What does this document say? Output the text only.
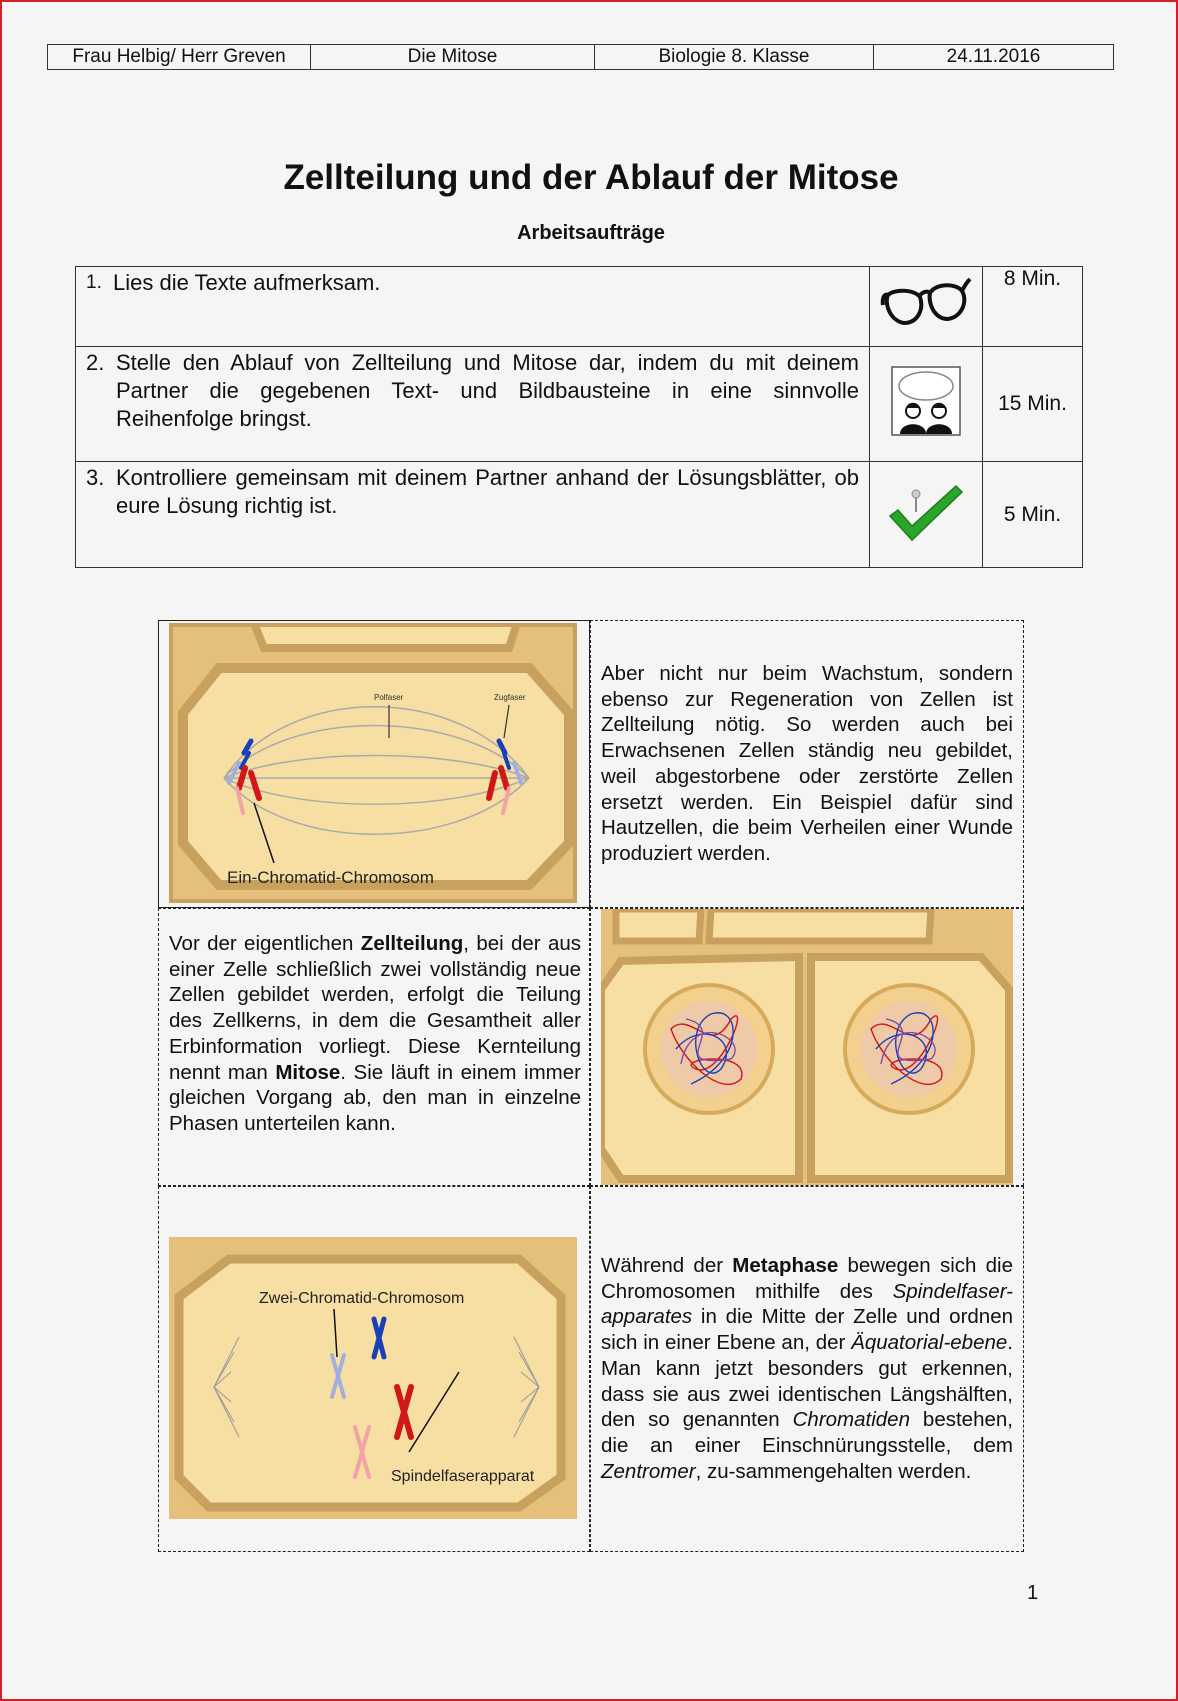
Frau Helbig/ Herr Greven	Die Mitose	Biologie 8. Klasse	24.11.2016
Zellteilung und der Ablauf der Mitose
Arbeitsaufträge
1. Lies die Texte aufmerksam.		8 Min.

2. Stelle den Ablauf von Zellteilung und Mitose dar, indem du mit deinem Partner die gegebenen Text- und Bildbausteine in eine sinnvolle Reihenfolge bringst.		15 Min.

3. Kontrolliere gemeinsam mit deinem Partner anhand der Lösungsblätter, ob eure Lösung richtig ist.		5 Min.
Polfaser	Zugfaser
Ein-Chromatid-Chromosom
Aber nicht nur beim Wachstum, sondern ebenso zur Regeneration von Zellen ist Zellteilung nötig. So werden auch bei Erwachsenen Zellen ständig neu gebildet, weil abgestorbene oder zerstörte Zellen ersetzt werden. Ein Beispiel dafür sind Hautzellen, die beim Verheilen einer Wunde produziert werden.
Vor der eigentlichen Zellteilung, bei der aus einer Zelle schließlich zwei vollständig neue Zellen gebildet werden, erfolgt die Teilung des Zellkerns, in dem die Gesamtheit aller Erbinformation vorliegt. Diese Kernteilung nennt man Mitose. Sie läuft in einem immer gleichen Vorgang ab, den man in einzelne Phasen unterteilen kann.
Zwei-Chromatid-Chromosom
Spindelfaserapparat
Während der Metaphase bewegen sich die Chromosomen mithilfe des Spindelfaser-apparates in die Mitte der Zelle und ordnen sich in einer Ebene an, der Äquatorial-ebene. Man kann jetzt besonders gut erkennen, dass sie aus zwei identischen Längshälften, den so genannten Chromatiden bestehen, die an einer Einschnürungsstelle, dem Zentromer, zu-sammengehalten werden.
1
